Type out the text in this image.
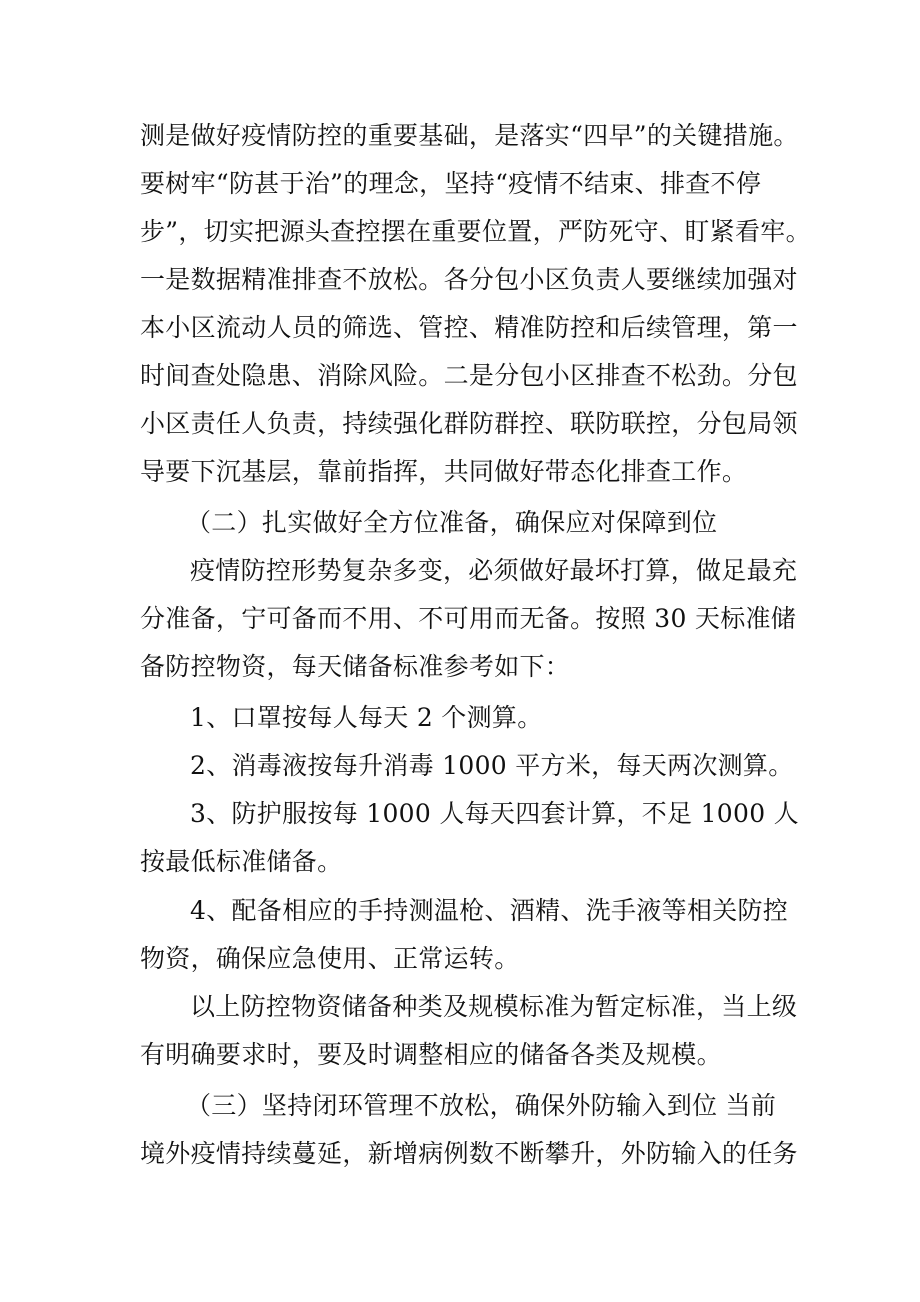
测是做好疫情防控的重要基础，是落实“四早”的关键措施。
要树牢“防甚于治”的理念，坚持“疫情不结束、排查不停
步”，切实把源头查控摆在重要位置，严防死守、盯紧看牢。
一是数据精准排查不放松。各分包小区负责人要继续加强对
本小区流动人员的筛选、管控、精准防控和后续管理，第一
时间查处隐患、消除风险。二是分包小区排查不松劲。分包
小区责任人负责，持续强化群防群控、联防联控，分包局领
导要下沉基层，靠前指挥，共同做好带态化排查工作。
（二）扎实做好全方位准备，确保应对保障到位
疫情防控形势复杂多变，必须做好最坏打算，做足最充
分准备，宁可备而不用、不可用而无备。按照 30 天标准储
备防控物资，每天储备标准参考如下：
1、口罩按每人每天 2 个测算。
2、消毒液按每升消毒 1000 平方米，每天两次测算。
3、防护服按每 1000 人每天四套计算，不足 1000 人
按最低标准储备。
4、配备相应的手持测温枪、酒精、洗手液等相关防控
物资，确保应急使用、正常运转。
以上防控物资储备种类及规模标准为暂定标准，当上级
有明确要求时，要及时调整相应的储备各类及规模。
（三）坚持闭环管理不放松，确保外防输入到位 当前
境外疫情持续蔓延，新增病例数不断攀升，外防输入的任务
